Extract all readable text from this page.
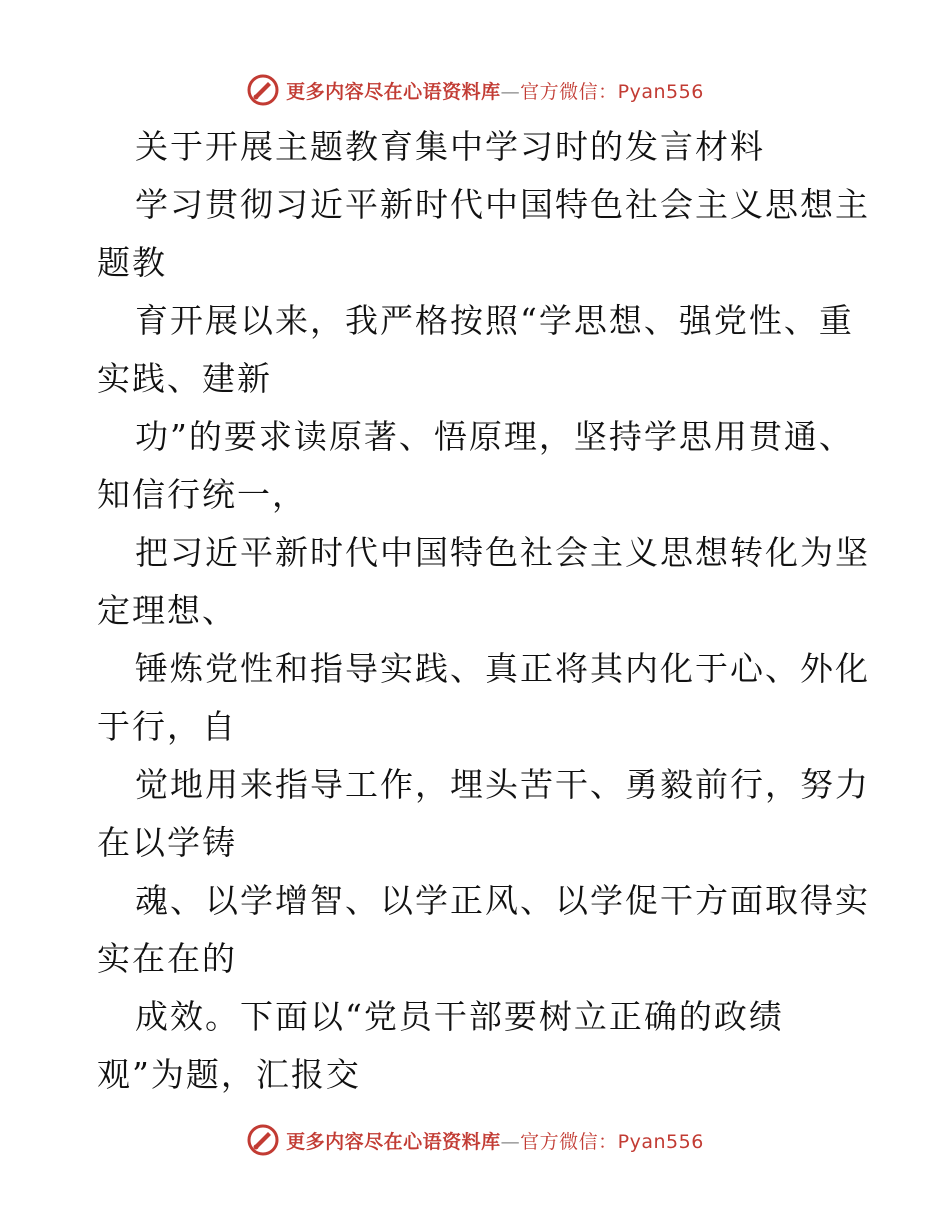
更多内容尽在心语资料库—官方微信：Pyan556
关于开展主题教育集中学习时的发言材料
学习贯彻习近平新时代中国特色社会主义思想主
题教
育开展以来，我严格按照“学思想、强党性、重
实践、建新
功”的要求读原著、悟原理，坚持学思用贯通、
知信行统一，
把习近平新时代中国特色社会主义思想转化为坚
定理想、
锤炼党性和指导实践、真正将其内化于心、外化
于行，自
觉地用来指导工作，埋头苦干、勇毅前行，努力
在以学铸
魂、以学增智、以学正风、以学促干方面取得实
实在在的
成效。下面以“党员干部要树立正确的政绩
观”为题，汇报交
更多内容尽在心语资料库—官方微信：Pyan556
